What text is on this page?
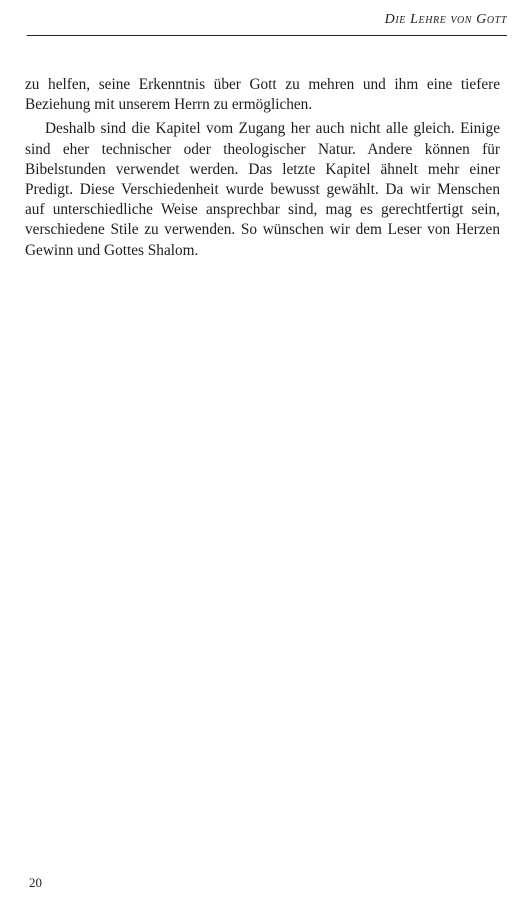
Die Lehre von Gott

zu helfen, seine Erkenntnis über Gott zu mehren und ihm eine tiefere Beziehung mit unserem Herrn zu ermöglichen.

Deshalb sind die Kapitel vom Zugang her auch nicht alle gleich. Einige sind eher technischer oder theologischer Natur. Andere können für Bibelstunden verwendet werden. Das letzte Kapitel ähnelt mehr einer Predigt. Diese Verschiedenheit wurde bewusst gewählt. Da wir Menschen auf unterschiedliche Weise ansprechbar sind, mag es gerechtfertigt sein, verschiedene Stile zu verwenden. So wünschen wir dem Leser von Herzen Gewinn und Gottes Shalom.

20
